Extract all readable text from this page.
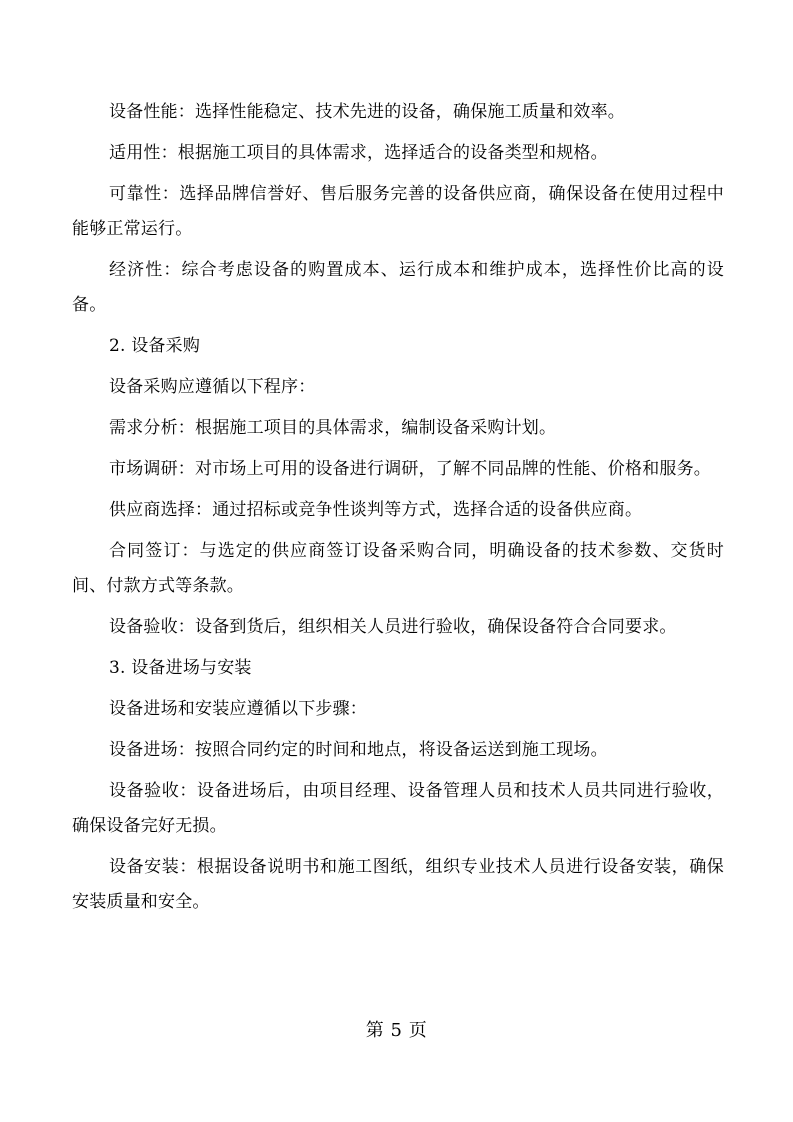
设备性能：选择性能稳定、技术先进的设备，确保施工质量和效率。

适用性：根据施工项目的具体需求，选择适合的设备类型和规格。

可靠性：选择品牌信誉好、售后服务完善的设备供应商，确保设备在使用过程中能够正常运行。

经济性：综合考虑设备的购置成本、运行成本和维护成本，选择性价比高的设备。

2. 设备采购

设备采购应遵循以下程序：

需求分析：根据施工项目的具体需求，编制设备采购计划。

市场调研：对市场上可用的设备进行调研，了解不同品牌的性能、价格和服务。

供应商选择：通过招标或竞争性谈判等方式，选择合适的设备供应商。

合同签订：与选定的供应商签订设备采购合同，明确设备的技术参数、交货时间、付款方式等条款。

设备验收：设备到货后，组织相关人员进行验收，确保设备符合合同要求。

3. 设备进场与安装

设备进场和安装应遵循以下步骤：

设备进场：按照合同约定的时间和地点，将设备运送到施工现场。

设备验收：设备进场后，由项目经理、设备管理人员和技术人员共同进行验收，确保设备完好无损。

设备安装：根据设备说明书和施工图纸，组织专业技术人员进行设备安装，确保安装质量和安全。

第 5 页
